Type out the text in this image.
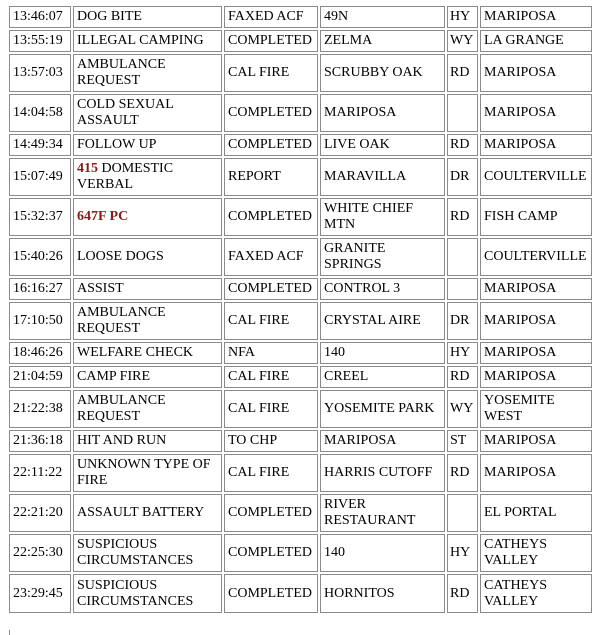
13:46:07	DOG BITE	FAXED ACF	49N	HY	MARIPOSA
13:55:19	ILLEGAL CAMPING	COMPLETED	ZELMA	WY	LA GRANGE
13:57:03	AMBULANCE REQUEST	CAL FIRE	SCRUBBY OAK	RD	MARIPOSA
14:04:58	COLD SEXUAL ASSAULT	COMPLETED	MARIPOSA		MARIPOSA
14:49:34	FOLLOW UP	COMPLETED	LIVE OAK	RD	MARIPOSA
15:07:49	415 DOMESTIC VERBAL	REPORT	MARAVILLA	DR	COULTERVILLE
15:32:37	647F PC	COMPLETED	WHITE CHIEF MTN	RD	FISH CAMP
15:40:26	LOOSE DOGS	FAXED ACF	GRANITE SPRINGS		COULTERVILLE
16:16:27	ASSIST	COMPLETED	CONTROL 3		MARIPOSA
17:10:50	AMBULANCE REQUEST	CAL FIRE	CRYSTAL AIRE	DR	MARIPOSA
18:46:26	WELFARE CHECK	NFA	140	HY	MARIPOSA
21:04:59	CAMP FIRE	CAL FIRE	CREEL	RD	MARIPOSA
21:22:38	AMBULANCE REQUEST	CAL FIRE	YOSEMITE PARK	WY	YOSEMITE WEST
21:36:18	HIT AND RUN	TO CHP	MARIPOSA	ST	MARIPOSA
22:11:22	UNKNOWN TYPE OF FIRE	CAL FIRE	HARRIS CUTOFF	RD	MARIPOSA
22:21:20	ASSAULT BATTERY	COMPLETED	RIVER RESTAURANT		EL PORTAL
22:25:30	SUSPICIOUS CIRCUMSTANCES	COMPLETED	140	HY	CATHEYS VALLEY
23:29:45	SUSPICIOUS CIRCUMSTANCES	COMPLETED	HORNITOS	RD	CATHEYS VALLEY
